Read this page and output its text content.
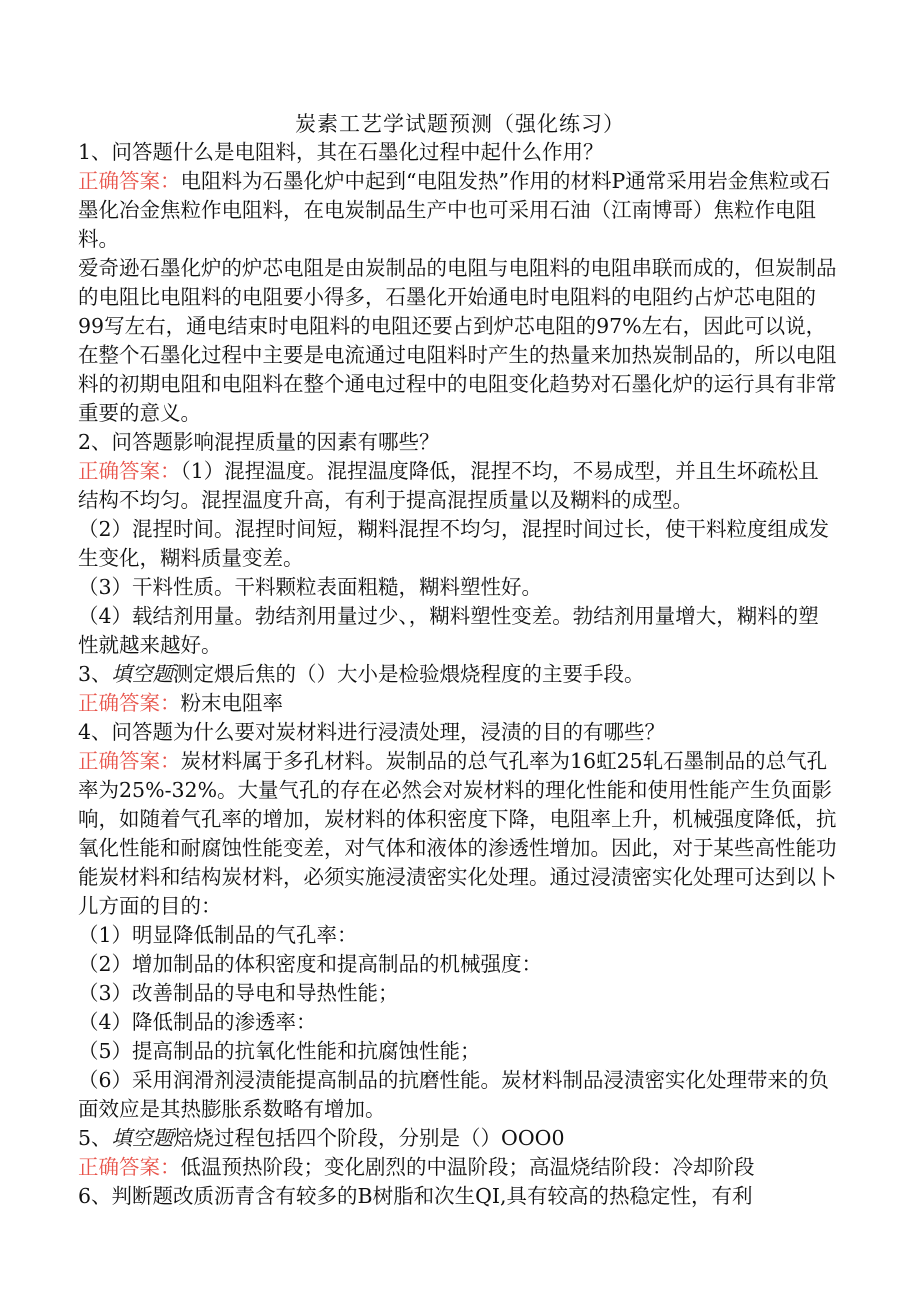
炭素工艺学试题预测（强化练习）

1、问答题什么是电阻料，其在石墨化过程中起什么作用？

正确答案：电阻料为石墨化炉中起到“电阻发热”作用的材料P通常采用岩金焦粒或石墨化冶金焦粒作电阻料，在电炭制品生产中也可采用石油（江南博哥）焦粒作电阻料。

爱奇逊石墨化炉的炉芯电阻是由炭制品的电阻与电阻料的电阻串联而成的，但炭制品的电阻比电阻料的电阻要小得多，石墨化开始通电时电阻料的电阻约占炉芯电阻的99写左右，通电结束时电阻料的电阻还要占到炉芯电阻的97%左右，因此可以说，在整个石墨化过程中主要是电流通过电阻料时产生的热量来加热炭制品的，所以电阻料的初期电阻和电阻料在整个通电过程中的电阻变化趋势对石墨化炉的运行具有非常重要的意义。

2、问答题影响混捏质量的因素有哪些？

正确答案：（1）混捏温度。混捏温度降低，混捏不均，不易成型，并且生坏疏松且结构不均匀。混捏温度升高，有利于提高混捏质量以及糊料的成型。

（2）混捏时间。混捏时间短，糊料混捏不均匀，混捏时间过长，使干料粒度组成发生变化，糊料质量变差。

（3）干料性质。干料颗粒表面粗糙，糊料塑性好。

（4）载结剂用量。勃结剂用量过少、，糊料塑性变差。勃结剂用量增大，糊料的塑性就越来越好。

3、填空题测定煨后焦的（）大小是检验煨烧程度的主要手段。

正确答案：粉末电阻率

4、问答题为什么要对炭材料进行浸渍处理，浸渍的目的有哪些？

正确答案：炭材料属于多孔材料。炭制品的总气孔率为16虹25轧石墨制品的总气孔率为25%-32%。大量气孔的存在必然会对炭材料的理化性能和使用性能产生负面影响，如随着气孔率的增加，炭材料的体积密度下降，电阻率上升，机械强度降低，抗氧化性能和耐腐蚀性能变差，对气体和液体的渗透性增加。因此，对于某些高性能功能炭材料和结构炭材料，必须实施浸渍密实化处理。通过浸渍密实化处理可达到以卜儿方面的目的：

（1）明显降低制品的气孔率：

（2）增加制品的体积密度和提高制品的机械强度：

（3）改善制品的导电和导热性能；

（4）降低制品的渗透率：

（5）提高制品的抗氧化性能和抗腐蚀性能；

（6）采用润滑剂浸渍能提高制品的抗磨性能。炭材料制品浸渍密实化处理带来的负面效应是其热膨胀系数略有增加。

5、填空题焙烧过程包括四个阶段，分别是（）OOO0

正确答案：低温预热阶段；变化剧烈的中温阶段；高温烧结阶段：冷却阶段

6、判断题改质沥青含有较多的B树脂和次生QI,具有较高的热稳定性，有利
